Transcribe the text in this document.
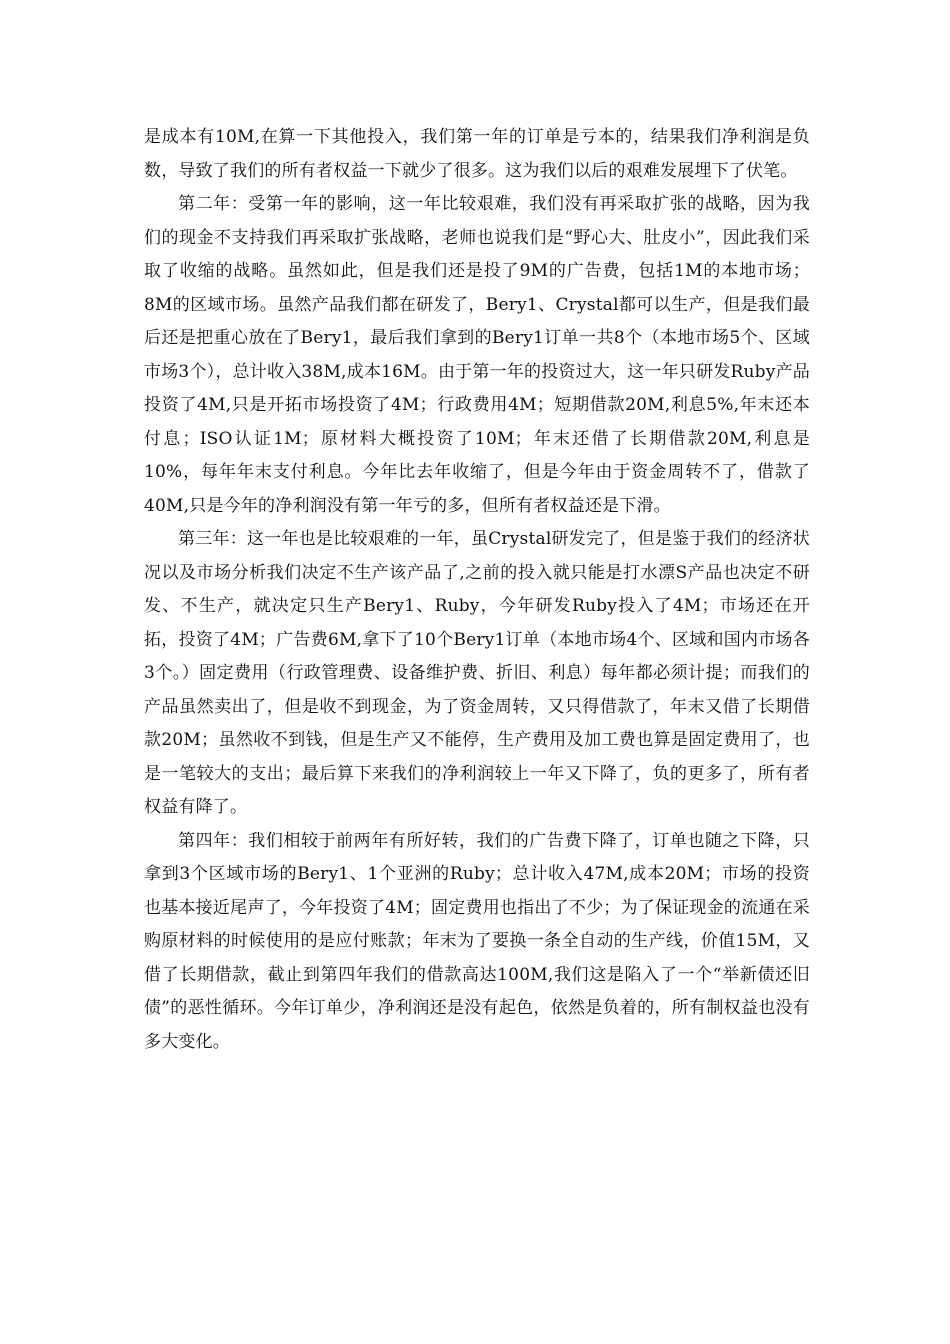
是成本有10M,在算一下其他投入，我们第一年的订单是亏本的，结果我们净利润是负数，导致了我们的所有者权益一下就少了很多。这为我们以后的艰难发展埋下了伏笔。

第二年：受第一年的影响，这一年比较艰难，我们没有再采取扩张的战略，因为我们的现金不支持我们再采取扩张战略，老师也说我们是“野心大、肚皮小”，因此我们采取了收缩的战略。虽然如此，但是我们还是投了9M的广告费，包括1M的本地市场；8M的区域市场。虽然产品我们都在研发了，Bery1、Crystal都可以生产，但是我们最后还是把重心放在了Bery1，最后我们拿到的Bery1订单一共8个（本地市场5个、区域市场3个），总计收入38M,成本16M。由于第一年的投资过大，这一年只研发Ruby产品投资了4M,只是开拓市场投资了4M；行政费用4M；短期借款20M,利息5%,年末还本付息；ISO认证1M；原材料大概投资了10M；年末还借了长期借款20M,利息是10%，每年年末支付利息。今年比去年收缩了，但是今年由于资金周转不了，借款了40M,只是今年的净利润没有第一年亏的多，但所有者权益还是下滑。

第三年：这一年也是比较艰难的一年，虽Crystal研发完了，但是鉴于我们的经济状况以及市场分析我们决定不生产该产品了,之前的投入就只能是打水漂S产品也决定不研发、不生产，就决定只生产Bery1、Ruby，今年研发Ruby投入了4M；市场还在开拓，投资了4M；广告费6M,拿下了10个Bery1订单（本地市场4个、区域和国内市场各3个。）固定费用（行政管理费、设备维护费、折旧、利息）每年都必须计提；而我们的产品虽然卖出了，但是收不到现金，为了资金周转，又只得借款了，年末又借了长期借款20M；虽然收不到钱，但是生产又不能停，生产费用及加工费也算是固定费用了，也是一笔较大的支出；最后算下来我们的净利润较上一年又下降了，负的更多了，所有者权益有降了。

第四年：我们相较于前两年有所好转，我们的广告费下降了，订单也随之下降，只拿到3个区域市场的Bery1、1个亚洲的Ruby；总计收入47M,成本20M；市场的投资也基本接近尾声了，今年投资了4M；固定费用也指出了不少；为了保证现金的流通在采购原材料的时候使用的是应付账款；年末为了要换一条全自动的生产线，价值15M，又借了长期借款，截止到第四年我们的借款高达100M,我们这是陷入了一个“举新债还旧债”的恶性循环。今年订单少，净利润还是没有起色，依然是负着的，所有制权益也没有多大变化。
